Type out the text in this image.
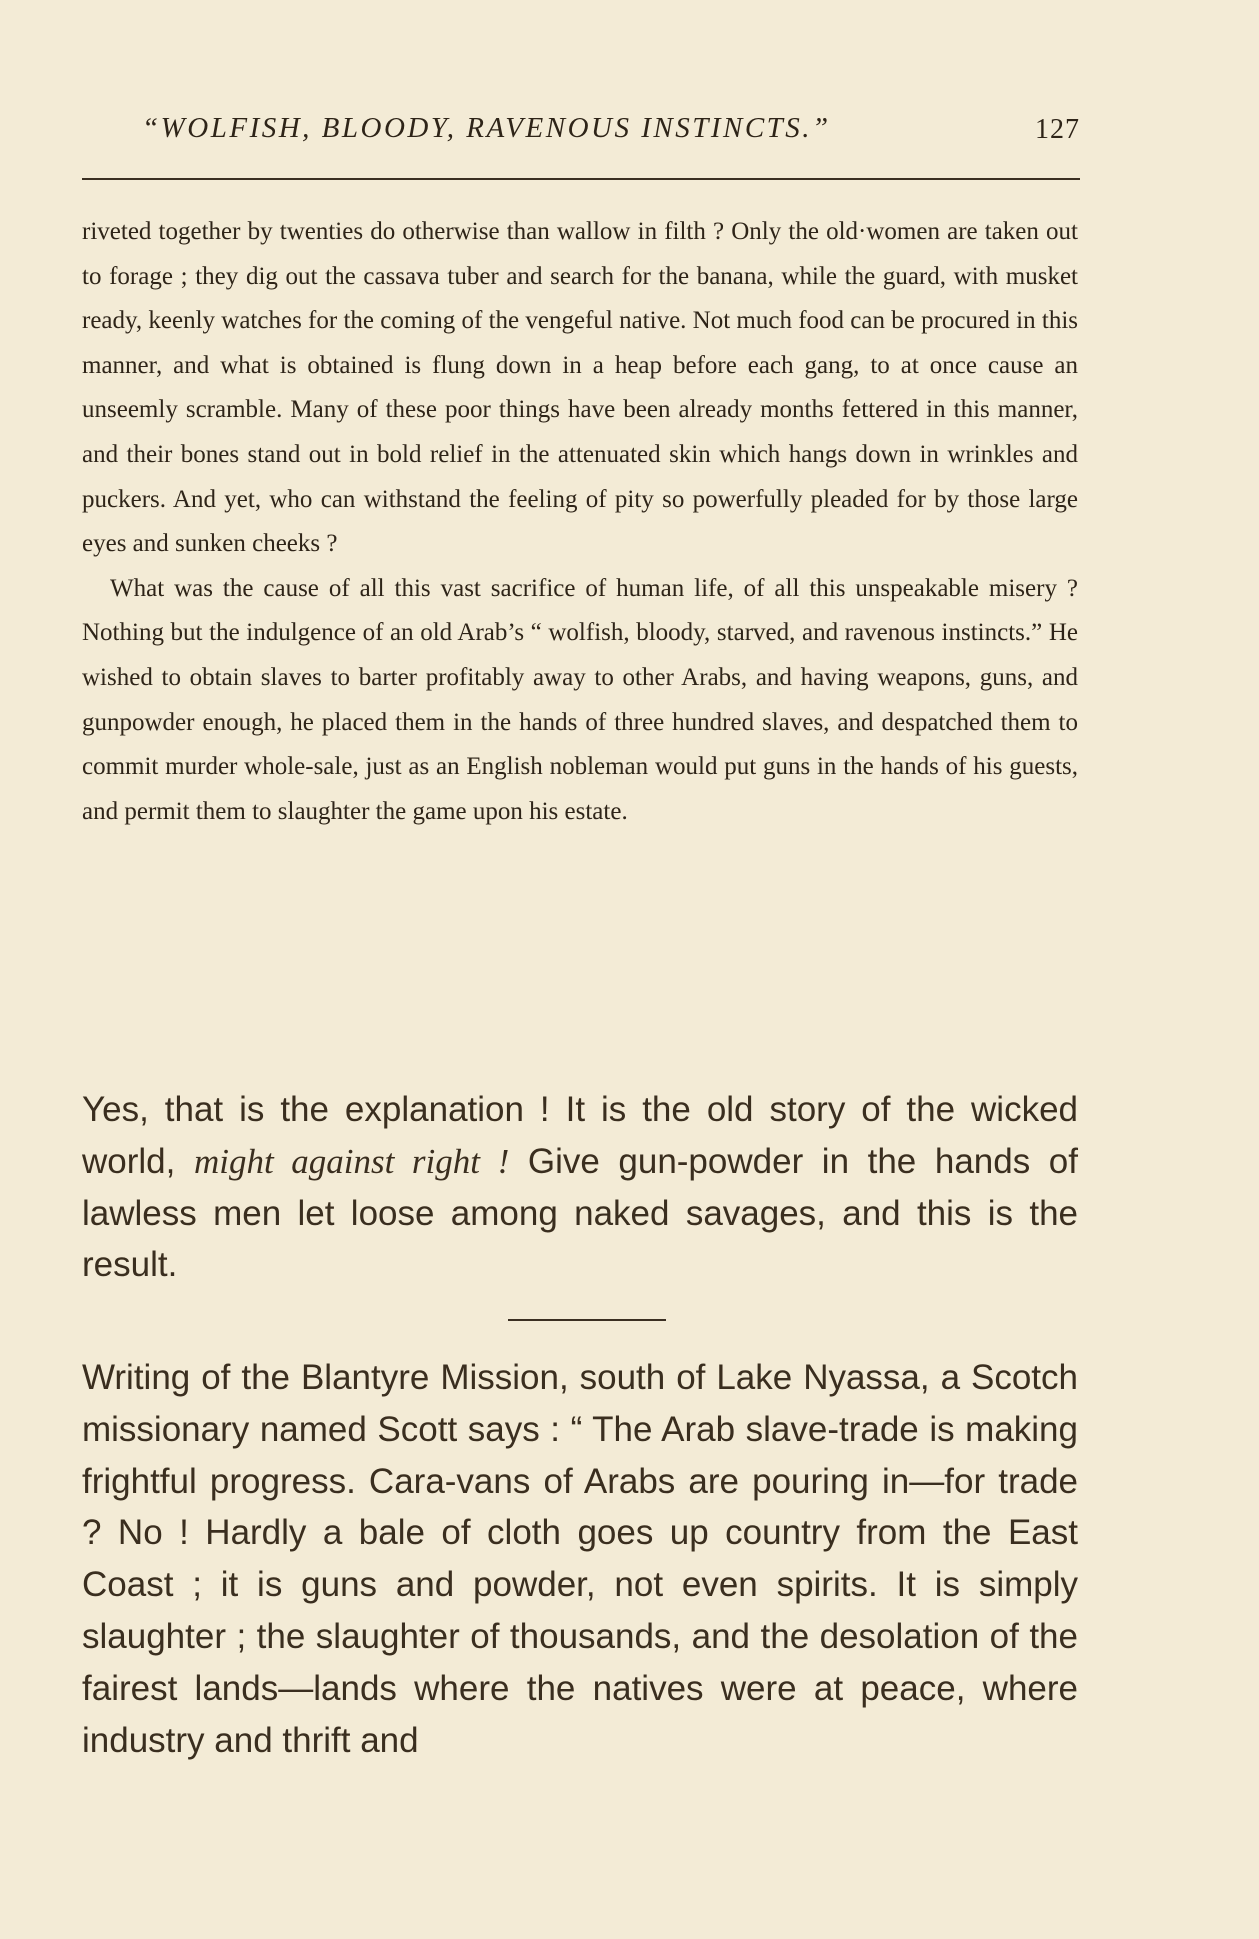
“WOLFISH, BLOODY, RAVENOUS INSTINCTS.”	127

riveted together by twenties do otherwise than wallow in filth ? Only the old·women are taken out to forage ; they dig out the cassava tuber and search for the banana, while the guard, with musket ready, keenly watches for the coming of the vengeful native. Not much food can be procured in this manner, and what is obtained is flung down in a heap before each gang, to at once cause an unseemly scramble. Many of these poor things have been already months fettered in this manner, and their bones stand out in bold relief in the attenuated skin which hangs down in wrinkles and puckers. And yet, who can withstand the feeling of pity so powerfully pleaded for by those large eyes and sunken cheeks ?

What was the cause of all this vast sacrifice of human life, of all this unspeakable misery ? Nothing but the indulgence of an old Arab’s “ wolfish, bloody, starved, and ravenous instincts.” He wished to obtain slaves to barter profitably away to other Arabs, and having weapons, guns, and gunpowder enough, he placed them in the hands of three hundred slaves, and despatched them to commit murder whole-sale, just as an English nobleman would put guns in the hands of his guests, and permit them to slaughter the game upon his estate.

Yes, that is the explanation ! It is the old story of the wicked world, might against right ! Give gun-powder in the hands of lawless men let loose among naked savages, and this is the result.

Writing of the Blantyre Mission, south of Lake Nyassa, a Scotch missionary named Scott says : “ The Arab slave-trade is making frightful progress. Cara-vans of Arabs are pouring in—for trade ? No ! Hardly a bale of cloth goes up country from the East Coast ; it is guns and powder, not even spirits. It is simply slaughter ; the slaughter of thousands, and the desolation of the fairest lands—lands where the natives were at peace, where industry and thrift and
